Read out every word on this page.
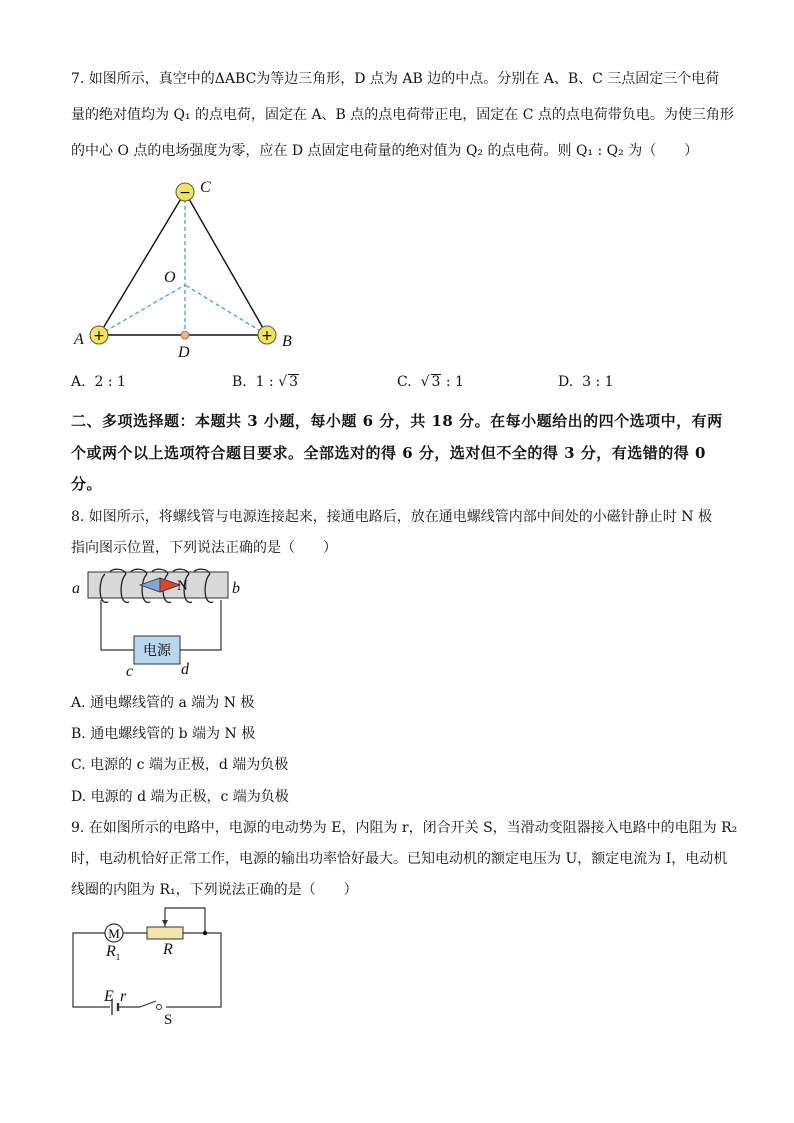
7. 如图所示，真空中的ΔABC为等边三角形，D 点为 AB 边的中点。分别在 A、B、C 三点固定三个电荷
量的绝对值均为 Q₁ 的点电荷，固定在 A、B 点的点电荷带正电，固定在 C 点的点电荷带负电。为使三角形
的中心 O 点的电场强度为零，应在 D 点固定电荷量的绝对值为 Q₂ 的点电荷。则 Q₁ : Q₂ 为（　　）
−
+	+
C
O
A	B
D
A. 2 : 1	B. 1 : √ 3	C.  √ 3 : 1	D. 3 : 1
二、多项选择题：本题共 3 小题，每小题 6 分，共 18 分。在每小题给出的四个选项中，有两
个或两个以上选项符合题目要求。全部选对的得 6 分，选对但不全的得 3 分，有选错的得 0
分。
8. 如图所示，将螺线管与电源连接起来，接通电路后，放在通电螺线管内部中间处的小磁针静止时 N 极
指向图示位置，下列说法正确的是（　　）
N
a	b
电源
c	d
A. 通电螺线管的 a 端为 N 极
B. 通电螺线管的 b 端为 N 极
C. 电源的 c 端为正极，d 端为负极
D. 电源的 d 端为正极，c 端为负极
9. 在如图所示的电路中，电源的电动势为 E，内阻为 r，闭合开关 S，当滑动变阻器接入电路中的电阻为 R₂
时，电动机恰好正常工作，电源的输出功率恰好最大。已知电动机的额定电压为 U，额定电流为 I，电动机
线圈的内阻为 R₁，下列说法正确的是（　　）
M
$R_1$	R
E r
S
